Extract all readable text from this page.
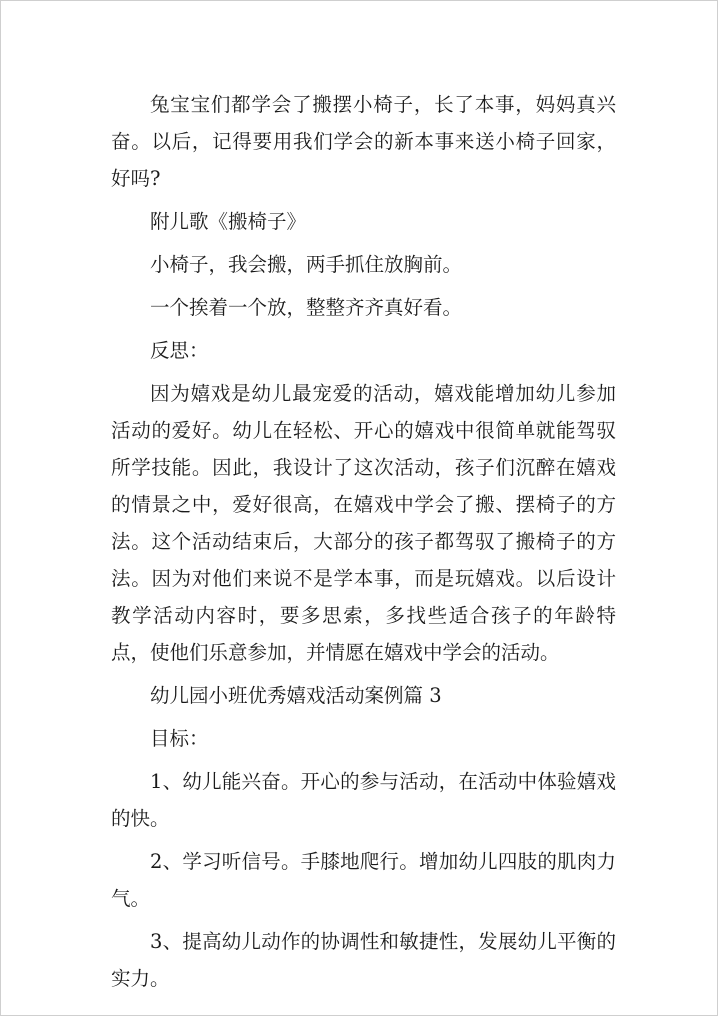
兔宝宝们都学会了搬摆小椅子，长了本事，妈妈真兴奋。以后，记得要用我们学会的新本事来送小椅子回家，好吗?

附儿歌《搬椅子》

小椅子，我会搬，两手抓住放胸前。

一个挨着一个放，整整齐齐真好看。

反思：

因为嬉戏是幼儿最宠爱的活动，嬉戏能增加幼儿参加活动的爱好。幼儿在轻松、开心的嬉戏中很简单就能驾驭所学技能。因此，我设计了这次活动，孩子们沉醉在嬉戏的情景之中，爱好很高，在嬉戏中学会了搬、摆椅子的方法。这个活动结束后，大部分的孩子都驾驭了搬椅子的方法。因为对他们来说不是学本事，而是玩嬉戏。以后设计教学活动内容时，要多思索，多找些适合孩子的年龄特点，使他们乐意参加，并情愿在嬉戏中学会的活动。

幼儿园小班优秀嬉戏活动案例篇 3

目标：

1、幼儿能兴奋。开心的参与活动，在活动中体验嬉戏的快。

2、学习听信号。手膝地爬行。增加幼儿四肢的肌肉力气。

3、提高幼儿动作的协调性和敏捷性，发展幼儿平衡的实力。
